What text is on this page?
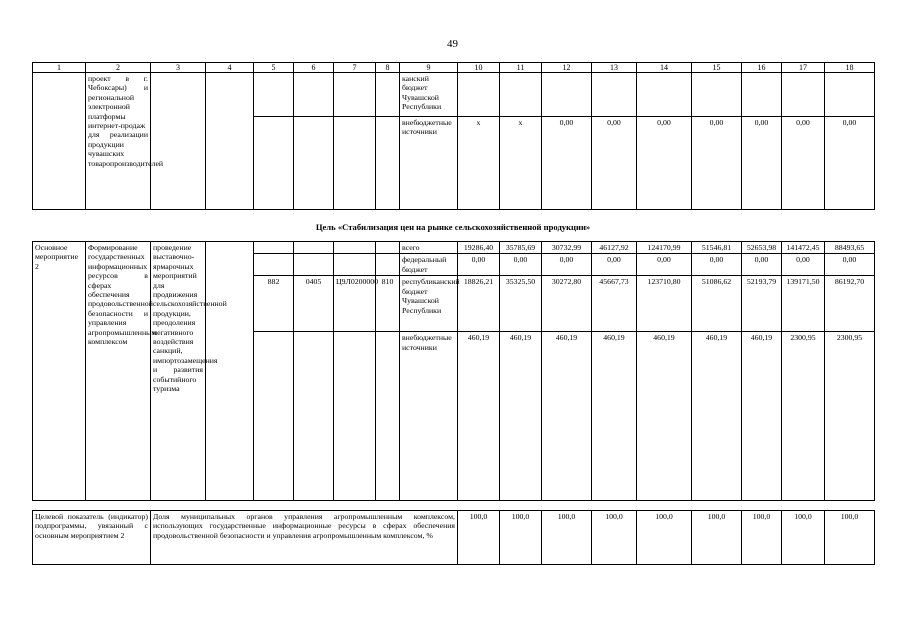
49
1	2	3	4	5	6	7	8	9	10	11	12	13	14	15	16	17	18
	проект в г. Чебоксары) и региональной электронной платформы интернет-продаж для реализации продукции чувашских товаропроизводителей							канский бюджет Чувашской Республики									
								внебюджетные источники	x	x	0,00	0,00	0,00	0,00	0,00	0,00	0,00
Цель «Стабилизация цен на рынке сельскохозяйственной продукции»
Основное мероприятие 2	Формирование государственных информационных ресурсов в сферах обеспечения продовольственной безопасности и управления агропромышленным комплексом	проведение выставочно-ярмарочных мероприятий для продвижения сельскохозяйственной продукции, преодоления негативного воздействия санкций, импортозамещения и развития событийного туризма						всего	19286,40	35785,69	30732,99	46127,92	124170,99	51546,81	52653,98	141472,45	88493,65
								федеральный бюджет	0,00	0,00	0,00	0,00	0,00	0,00	0,00	0,00	0,00
				882	0405	Ц9Л0200000	810	республиканский бюджет Чувашской Республики	18826,21	35325,50	30272,80	45667,73	123710,80	51086,62	52193,79	139171,50	86192,70
								внебюджетные источники	460,19	460,19	460,19	460,19	460,19	460,19	460,19	2300,95	2300,95
Целевой показатель (индикатор) подпрограммы, увязанный с основным мероприятием 2	Доля муниципальных органов управления агропромышленным комплексом, использующих государственные информационные ресурсы в сферах обеспечения продовольственной безопасности и управления агропромышленным комплексом, %	100,0	100,0	100,0	100,0	100,0	100,0	100,0	100,0	100,0
